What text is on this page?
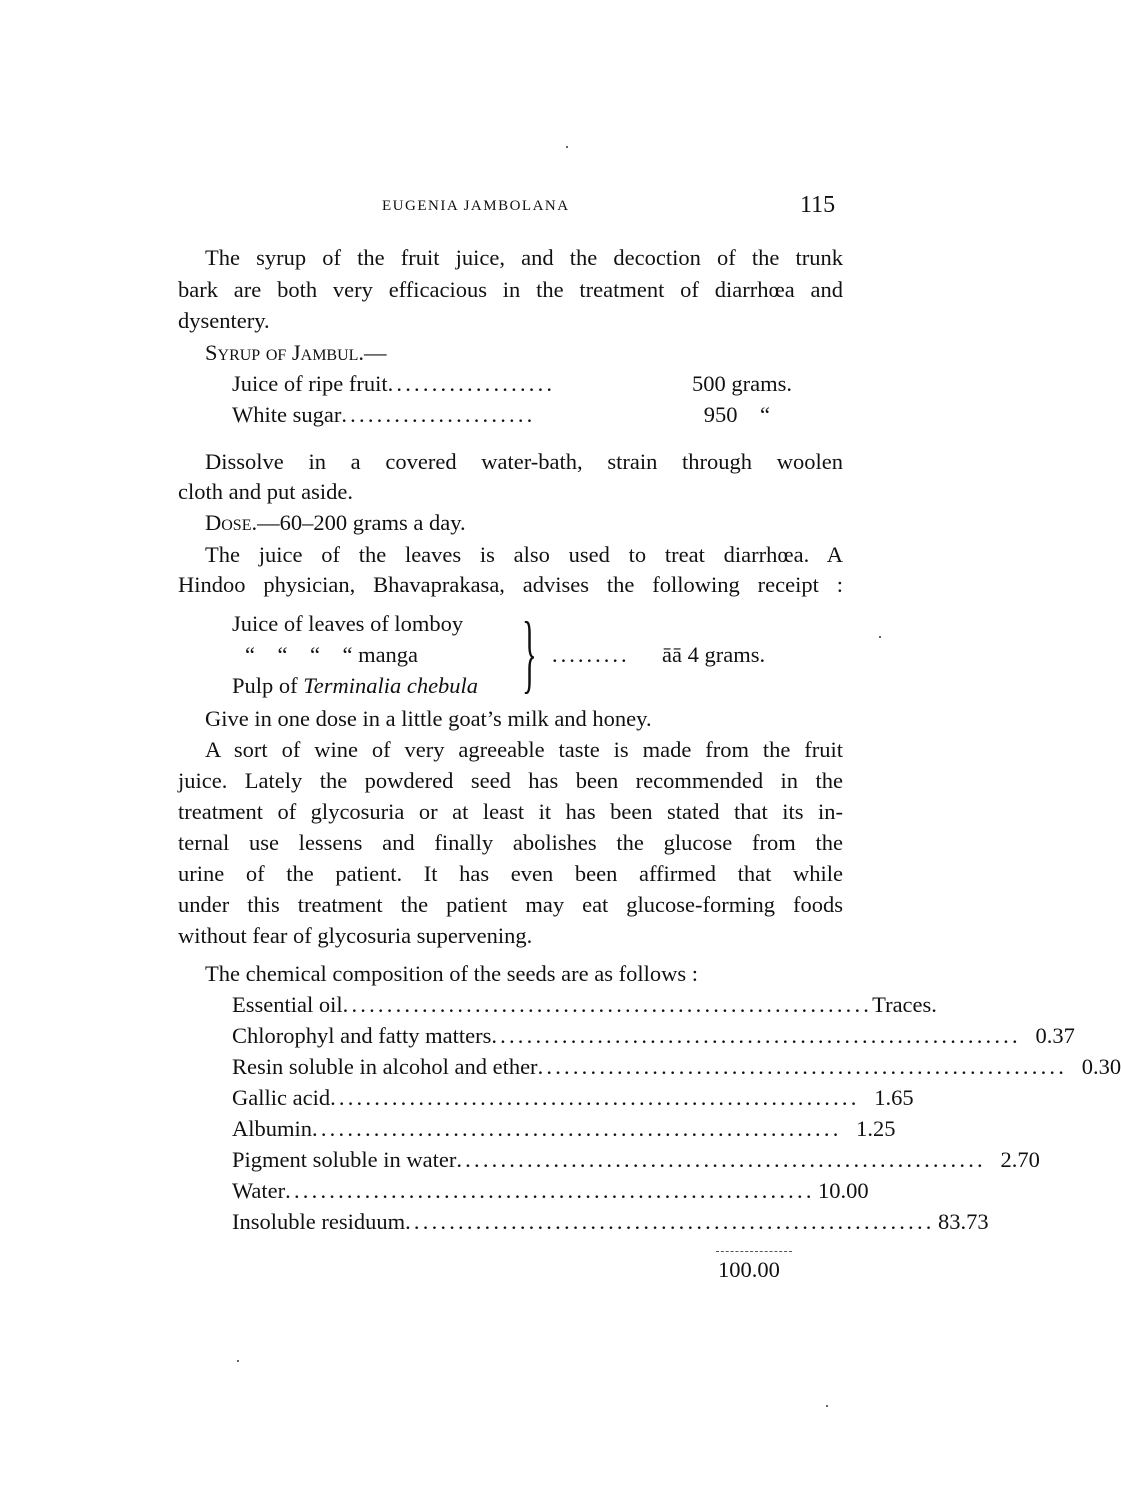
EUGENIA JAMBOLANA	115
The syrup of the fruit juice, and the decoction of the trunk
bark are both very efficacious in the treatment of diarrhœa and
dysentery.
Syrup of Jambul.—
Juice of ripe fruit ...................	500 grams.
White sugar ......................	950    “
Dissolve in a covered water-bath, strain through woolen
cloth and put aside.
Dose.—60–200 grams a day.
The juice of the leaves is also used to treat diarrhœa. A
Hindoo physician, Bhavaprakasa, advises the following receipt :
Juice of leaves of lomboy
“    “    “    “ manga
Pulp of Terminalia chebula } ......... āā 4 grams.
Give in one dose in a little goat’s milk and honey.
A sort of wine of very agreeable taste is made from the fruit
juice. Lately the powdered seed has been recommended in the
treatment of glycosuria or at least it has been stated that its in-
ternal use lessens and finally abolishes the glucose from the
urine of the patient. It has even been affirmed that while
under this treatment the patient may eat glucose-forming foods
without fear of glycosuria supervening.
The chemical composition of the seeds are as follows :
Essential oil ............................................................ Traces.
Chlorophyl and fatty matters ............................................................ 0.37
Resin soluble in alcohol and ether ............................................................ 0.30
Gallic acid ............................................................ 1.65
Albumin ............................................................ 1.25
Pigment soluble in water ............................................................ 2.70
Water ............................................................ 10.00
Insoluble residuum ............................................................ 83.73
100.00
